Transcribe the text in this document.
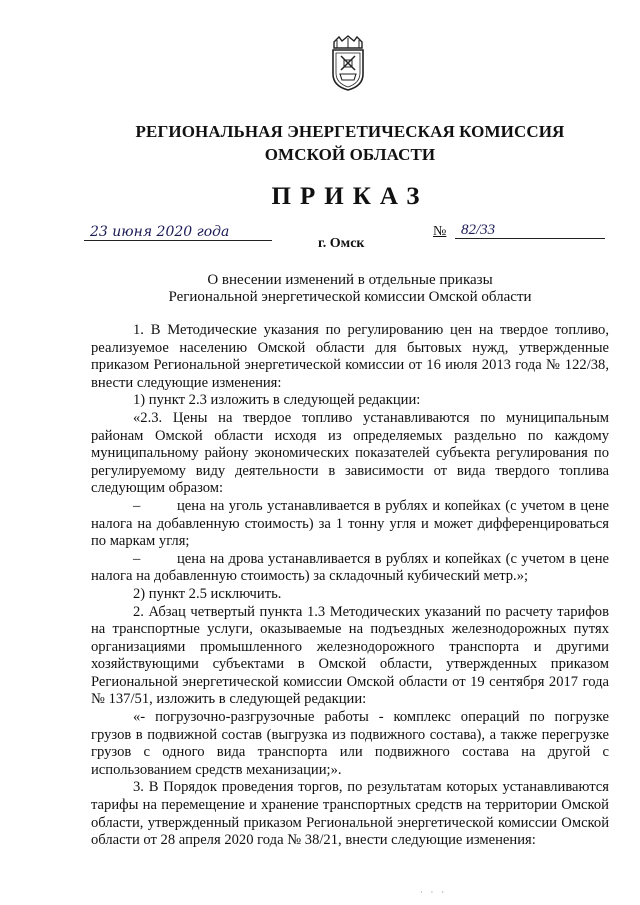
РЕГИОНАЛЬНАЯ ЭНЕРГЕТИЧЕСКАЯ КОМИССИЯ
ОМСКОЙ ОБЛАСТИ
ПРИКАЗ
23 июня 2020 года
г. Омск
№ 82/33
О внесении изменений в отдельные приказы
Региональной энергетической комиссии Омской области

1. В Методические указания по регулированию цен на твердое топливо, реализуемое населению Омской области для бытовых нужд, утвержденные приказом Региональной энергетической комиссии от 16 июля 2013 года № 122/38, внести следующие изменения:

1) пункт 2.3 изложить в следующей редакции:

«2.3. Цены на твердое топливо устанавливаются по муниципальным районам Омской области исходя из определяемых раздельно по каждому муниципальному району экономических показателей субъекта регулирования по регулируемому виду деятельности в зависимости от вида твердого топлива следующим образом:

–	цена на уголь устанавливается в рублях и копейках (с учетом в цене налога на добавленную стоимость) за 1 тонну угля и может дифференцироваться по маркам угля;

–	цена на дрова устанавливается в рублях и копейках (с учетом в цене налога на добавленную стоимость) за складочный кубический метр.»;

2) пункт 2.5 исключить.

2. Абзац четвертый пункта 1.3 Методических указаний по расчету тарифов на транспортные услуги, оказываемые на подъездных железнодорожных путях организациями промышленного железнодорожного транспорта и другими хозяйствующими субъектами в Омской области, утвержденных приказом Региональной энергетической комиссии Омской области от 19 сентября 2017 года № 137/51, изложить в следующей редакции:

«- погрузочно-разгрузочные работы - комплекс операций по погрузке грузов в подвижной состав (выгрузка из подвижного состава), а также перегрузке грузов с одного вида транспорта или подвижного состава на другой с использованием средств механизации;».

3. В Порядок проведения торгов, по результатам которых устанавливаются тарифы на перемещение и хранение транспортных средств на территории Омской области, утвержденный приказом Региональной энергетической комиссии Омской области от 28 апреля 2020 года № 38/21, внести следующие изменения:

· · ·
